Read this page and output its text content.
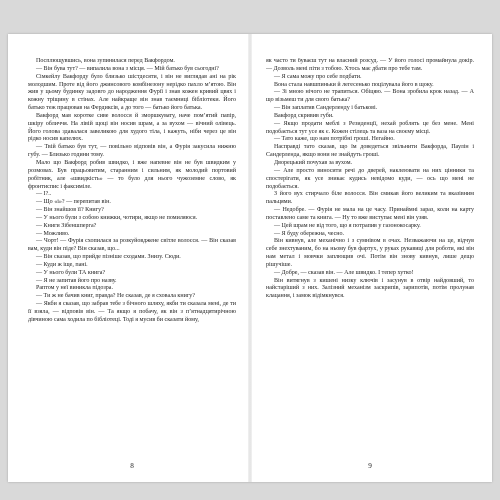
Посплющувшись, вона зупинилася перед Вакфордом.

— Він бува тут? — випалила вона з місця. — Мій батько був сьогодні?

Сімкейлу Вакфорду було близько шістдесяти, і він не виглядав ані на рік молодшим. Проте від його джинсового комбінезону нерідко пахло м’ятою. Він жив у цьому будинку задовго до народження Фурії і знав кожен кривий цвях і кожну тріщину в стінах. Але найкраще він знав таємниці бібліотеки. Його батько теж працював на Фердиксів, а до того — батько його батька.

Вакфорд мав коротке сиве волосся й зморшкувату, наче пом’ятий папір, шкіру обличчя. На лівій щоці він носив шрам, а за вухом — вічний олівець. Його голова здавалася завеликою для худого тіла, і кажуть, ніби через це він рідко носив капелюх.

— Твій батько був тут, — повільно відповів він, а Фурія закусила нижню губу. — Близько години тому.

Мало що Вакфорд робив швидко, і вже напевне він не був швидким у розмовах. Був працьовитим, старанним і сильним, як молодий портовий робітник, але «швидкість» — то було для нього чужоземне слово, як фронтиспис і факсиміле.

— І?..

— Що «і»? — перепитав він.

— Він знайшов її? Книгу?

— У нього були з собою книжки, чотири, якщо не помиляюся.

— Книги Зібеншперга?

— Можливо.

— Чорт! — Фурія схопилася за розкуйовджене світле волосся. — Він сказав вам, куди він піде? Він сказав, що...

— Він сказав, що прийде пізніше сходами. Знизу. Сюди.

— Куди ж іще, пані.

— У нього були ТА книга?

— Я не запитав його про назву.

Раптом у неї виникла підозра.

— Ти ж не бачив книг, правда? Не сказав, де я сховала книгу?

— Якби я сказав, що забрав тебе з бічного шляху, якби ти сказала мені, де ти її взяла, — відповів він. — Та якщо я побачу, як він з п’ятнадцятирічною дівчиною сама ходила по бібліотеці. Тоді я мусив би сказати йому,

8

як часто ти буваєш тут на власний розсуд. — У його голосі промайнула докір. — Дозволь мені піти з тобою. Хтось має дбати про тебе там.

— Я сама можу про себе подбати.

Вона стала навшпиньки й легесенько поцілувала його в щоку.

— Зі мною нічого не трапиться. Обіцяю. — Вона зробила крок назад. — А що візьмеш ти для свого батька?

— Він заплатив Сандерленду і батькові.

Вакфорд скривив губи.

— Якщо продати меблі з Резиденції, нехай роблять це без мене. Мені подобається тут усе як є. Кожен стілець та ваза на своєму місці.

— Тато каже, що нам потрібні гроші. Негайно.

Насправді тато сказав, що їм доведеться звільнити Вакфорда, Паулін і Сандерленда, якщо вони не знайдуть гроші.

Дворецький почухав за вухом.

— Але просто виносити речі до дверей, наклеювати на них цінники та спостерігати, як усе зникає кудись невідомо куди, — ось що мені не подобається.

З його вух стирчало біле волосся. Він смикав його великим та вказівним пальцями.

— Недобре. — Фурія не мала на це часу. Принаймні зараз, коли на карту поставлено саме та книга. — Ну то вже виступає мені він узяв.

— Цей шрам не від того, що я потрапив у газонокосарку.

— Я буду обережна, чесно.

Він кивнув, але механічно і з сумнівом в очах. Незважаючи на це, відчув себе знехтуваним, бо на ньому був фартух, у руках рукавиці для роботи, які він нам метал і мовчки заплющив очі. Потім він знову кивнув, лише дещо рішучіше.

— Добре, — сказав він. — Але швидко. І тепер хутко!

Він витягнув з кишені низку ключів і засунув в отвір найдовший, то найстаріший з них. Залізний механізм заскрипів, зарипотів, потім пролунав клацання, і замок відімкнувся.

9
